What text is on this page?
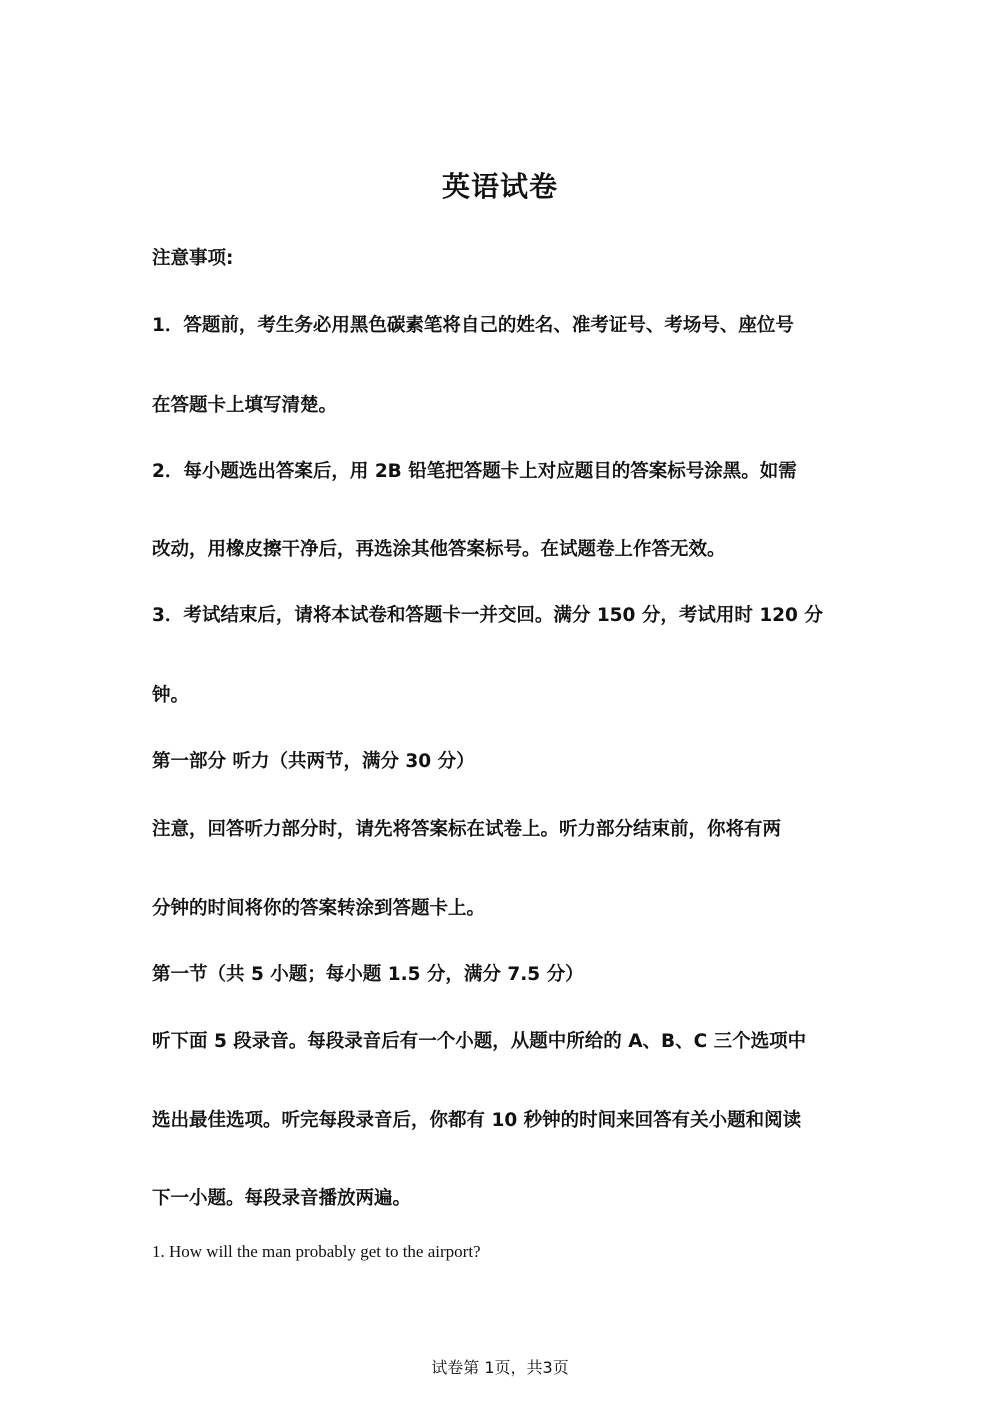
英语试卷
注意事项:
1．答题前，考生务必用黑色碳素笔将自己的姓名、准考证号、考场号、座位号
在答题卡上填写清楚。
2．每小题选出答案后，用 2B 铅笔把答题卡上对应题目的答案标号涂黑。如需
改动，用橡皮擦干净后，再选涂其他答案标号。在试题卷上作答无效。
3．考试结束后，请将本试卷和答题卡一并交回。满分 150 分，考试用时 120 分
钟。
第一部分 听力（共两节，满分 30 分）
注意，回答听力部分时，请先将答案标在试卷上。听力部分结束前，你将有两
分钟的时间将你的答案转涂到答题卡上。
第一节（共 5 小题；每小题 1.5 分，满分 7.5 分）
听下面 5 段录音。每段录音后有一个小题，从题中所给的 A、B、C 三个选项中
选出最佳选项。听完每段录音后，你都有 10 秒钟的时间来回答有关小题和阅读
下一小题。每段录音播放两遍。
1. How will the man probably get to the airport?
试卷第 1页，共3页
